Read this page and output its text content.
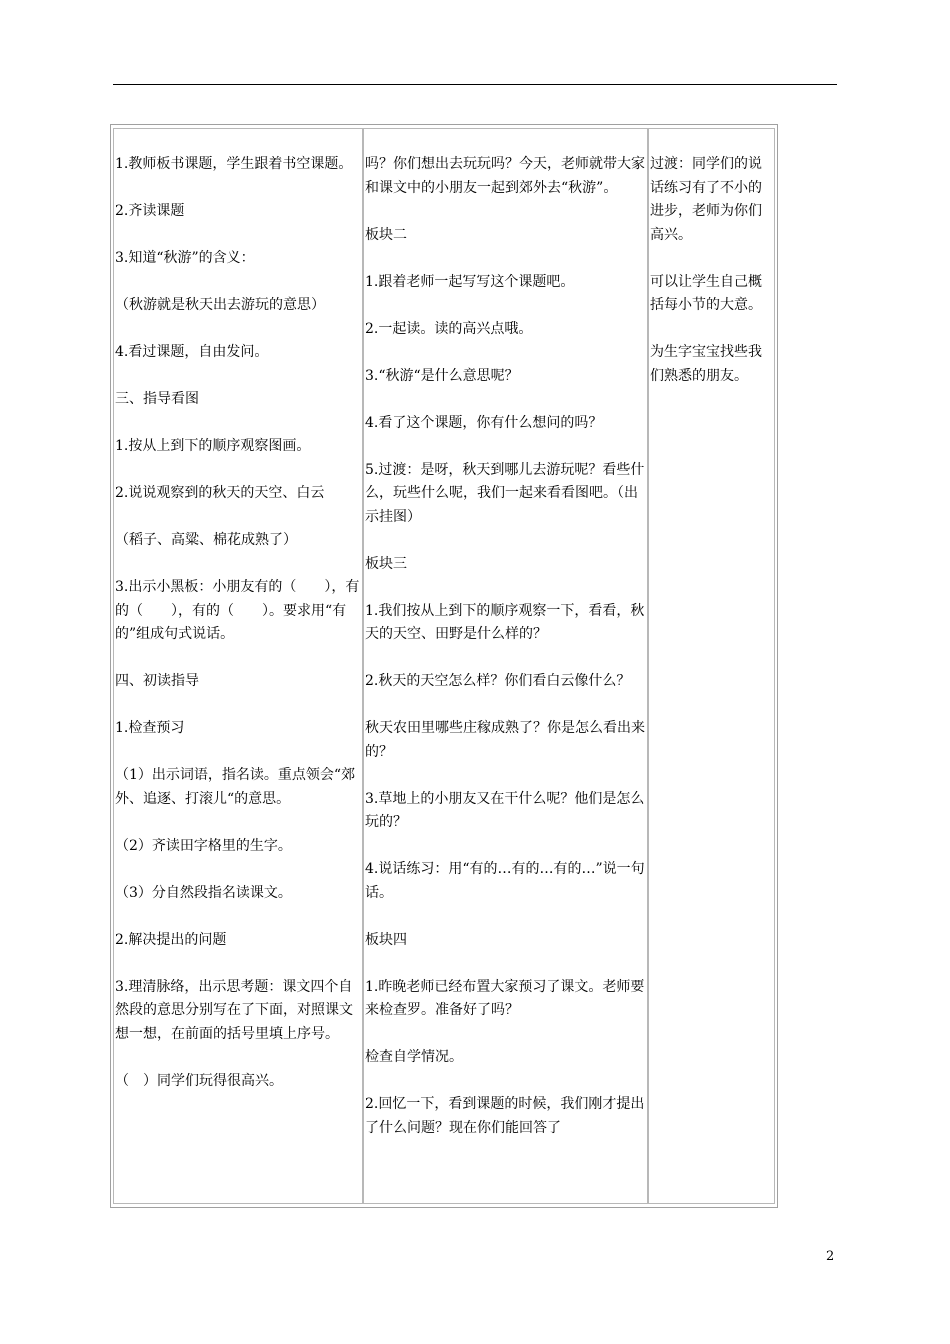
1.教师板书课题，学生跟着书空课题。

2.齐读课题

3.知道“秋游”的含义：

（秋游就是秋天出去游玩的意思）

4.看过课题，自由发问。

三、指导看图

1.按从上到下的顺序观察图画。

2.说说观察到的秋天的天空、白云

（稻子、高粱、棉花成熟了）

3.出示小黑板：小朋友有的（　　），有的（　　），有的（　　）。要求用“有的”组成句式说话。

四、初读指导

1.检查预习

（1）出示词语，指名读。重点领会“郊外、追逐、打滚儿“的意思。

（2）齐读田字格里的生字。

（3）分自然段指名读课文。

2.解决提出的问题

3.理清脉络，出示思考题：课文四个自然段的意思分别写在了下面，对照课文想一想，在前面的括号里填上序号。

（　）同学们玩得很高兴。

吗？你们想出去玩玩吗？今天，老师就带大家和课文中的小朋友一起到郊外去“秋游”。

板块二

1.跟着老师一起写写这个课题吧。

2.一起读。读的高兴点哦。

3.“秋游“是什么意思呢？

4.看了这个课题，你有什么想问的吗？

5.过渡：是呀，秋天到哪儿去游玩呢？看些什么，玩些什么呢，我们一起来看看图吧。（出示挂图）

板块三

1.我们按从上到下的顺序观察一下，看看，秋天的天空、田野是什么样的？

2.秋天的天空怎么样？你们看白云像什么？

秋天农田里哪些庄稼成熟了？你是怎么看出来的？

3.草地上的小朋友又在干什么呢？他们是怎么玩的？

4.说话练习：用“有的…有的…有的…”说一句话。

板块四

1.昨晚老师已经布置大家预习了课文。老师要来检查罗。准备好了吗？

检查自学情况。

2.回忆一下，看到课题的时候，我们刚才提出了什么问题？现在你们能回答了

过渡：同学们的说话练习有了不小的进步，老师为你们高兴。

可以让学生自己概括每小节的大意。

为生字宝宝找些我们熟悉的朋友。

2
